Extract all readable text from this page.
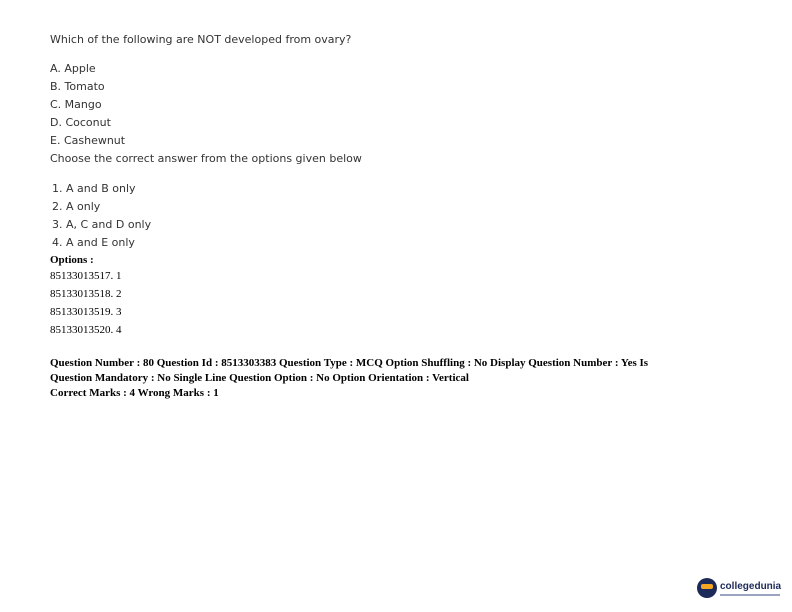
Which of the following are NOT developed from ovary?
A. Apple
B. Tomato
C. Mango
D. Coconut
E. Cashewnut
Choose the correct answer from the options given below
1. A and B only
2. A only
3. A, C and D only
4. A and E only
Options :
85133013517. 1
85133013518. 2
85133013519. 3
85133013520. 4
Question Number : 80 Question Id : 8513303383 Question Type : MCQ Option Shuffling : No Display Question Number : Yes Is
Question Mandatory : No Single Line Question Option : No Option Orientation : Vertical
Correct Marks : 4 Wrong Marks : 1
collegedunia
